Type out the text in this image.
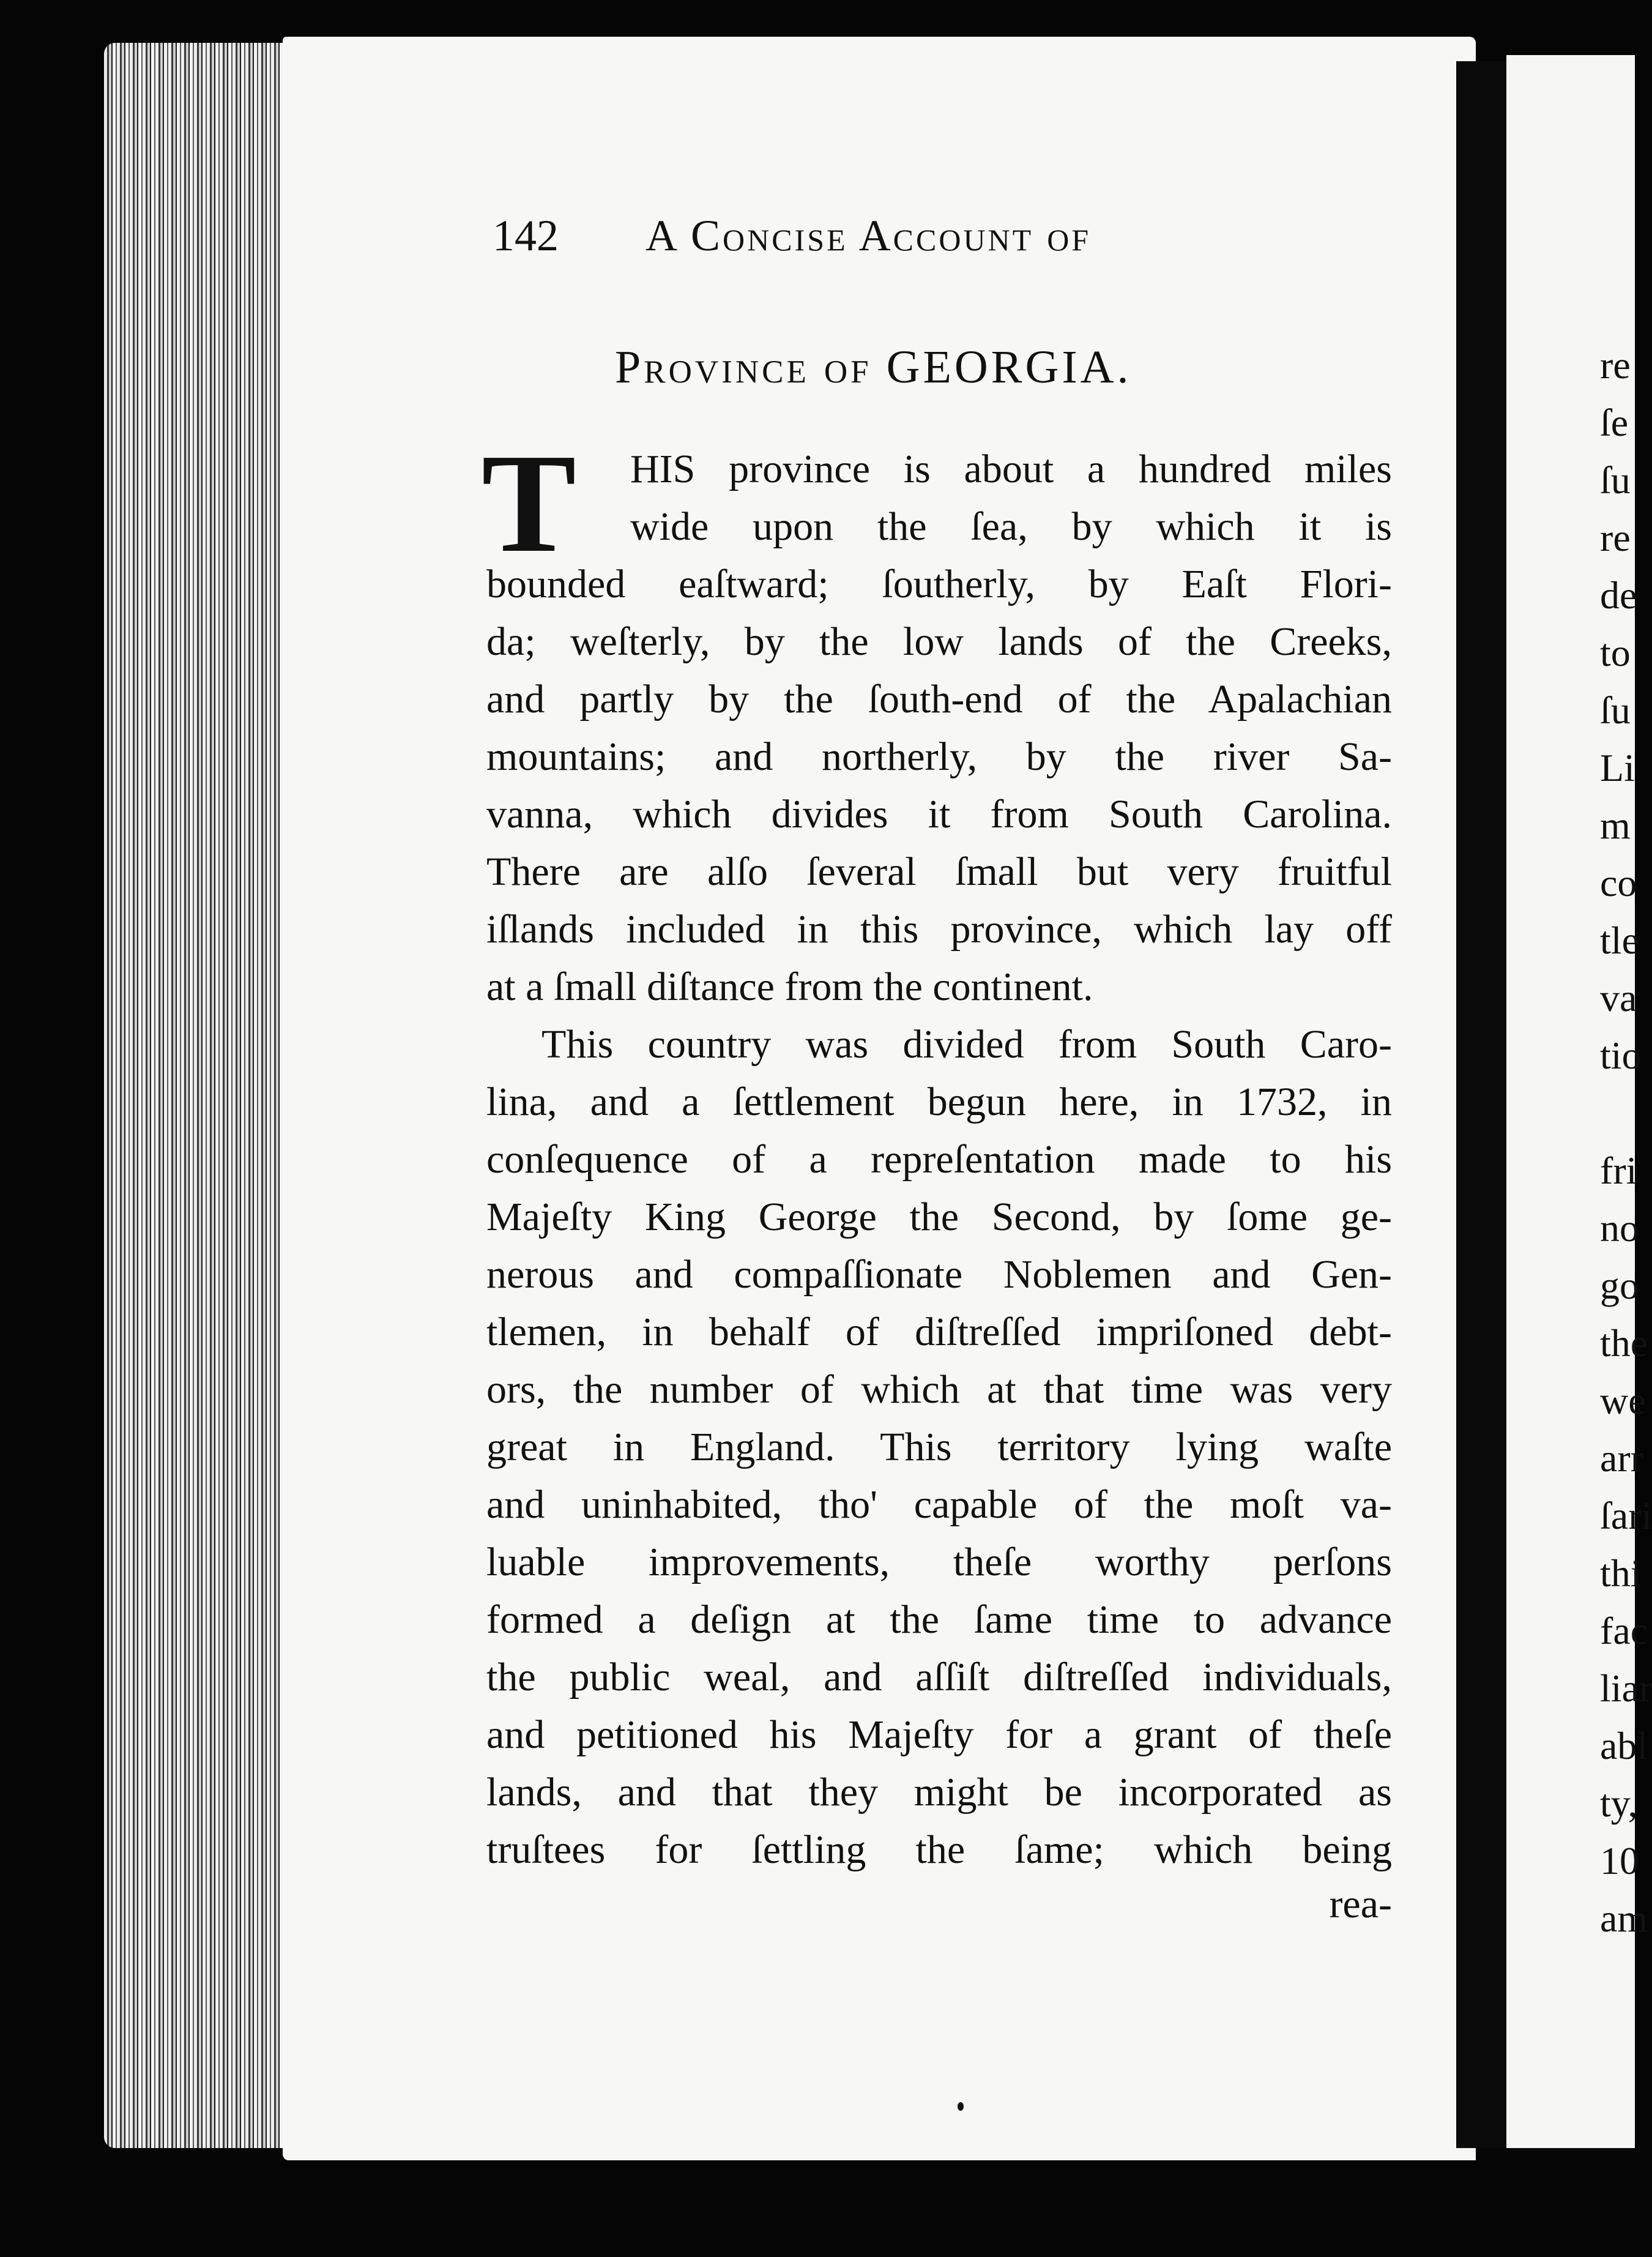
142 A Concise Account of
Province of GEORGIA.
T	HIS province is about a hundred miles
wide upon the ſea, by which it is
bounded eaſtward; ſoutherly, by Eaſt Flori-
da; weſterly, by the low lands of the Creeks,
and partly by the ſouth-end of the Apalachian
mountains; and northerly, by the river Sa-
vanna, which divides it from South Carolina.
There are alſo ſeveral ſmall but very fruitful
iſlands included in this province, which lay off
at a ſmall diſtance from the continent.
This country was divided from South Caro-
lina, and a ſettlement begun here, in 1732, in
conſequence of a repreſentation made to his
Majeſty King George the Second, by ſome ge-
nerous and compaſſionate Noblemen and Gen-
tlemen, in behalf of diſtreſſed impriſoned debt-
ors, the number of which at that time was very
great in England. This territory lying waſte
and uninhabited, tho' capable of the moſt va-
luable improvements, theſe worthy perſons
formed a deſign at the ſame time to advance
the public weal, and aſſiſt diſtreſſed individuals,
and petitioned his Majeſty for a grant of theſe
lands, and that they might be incorporated as
truſtees for ſettling the ſame; which being
rea-
re
ſe
ſu
re
de
to
ſu
Li
m
co
tle
va
tio
fri
no
go
the
we
arr
ſari
thi
fac
liar
abl
ty,
10
am
